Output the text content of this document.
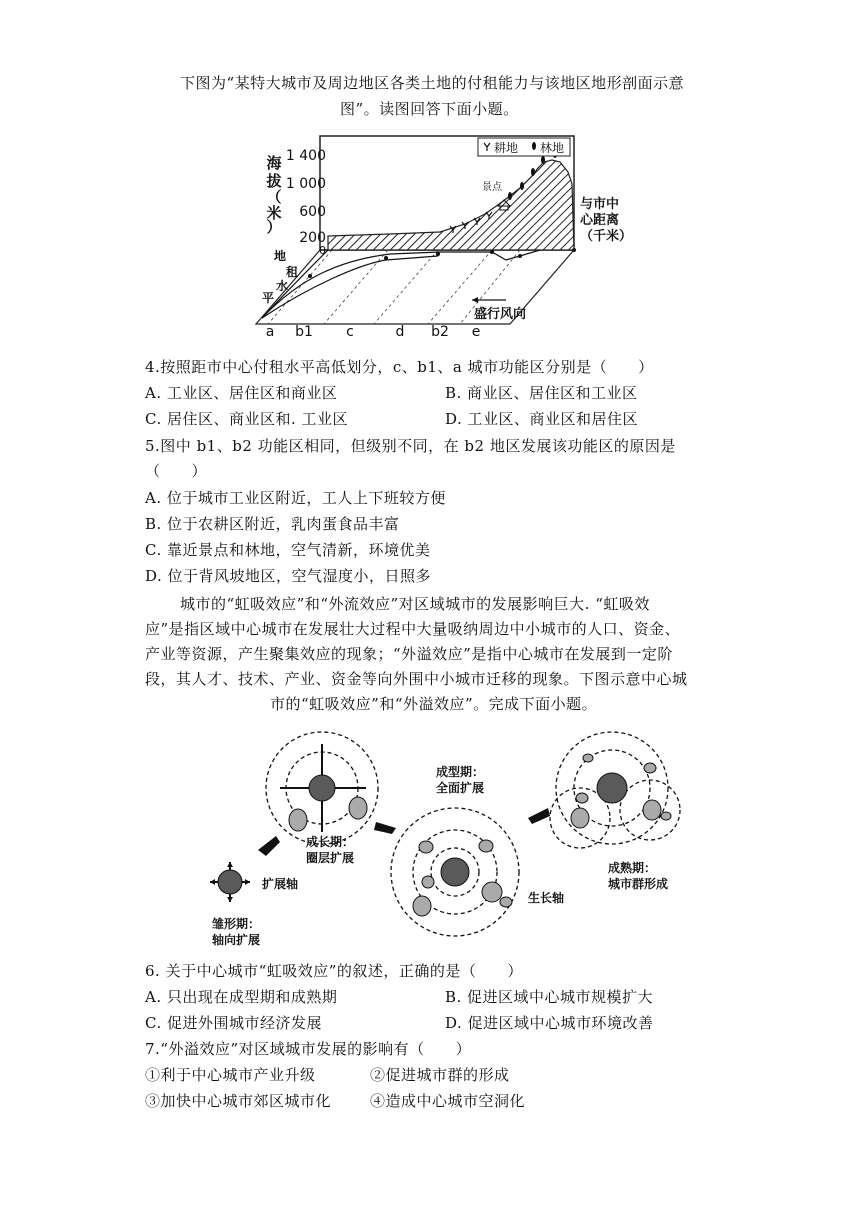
下图为“某特大城市及周边地区各类土地的付租能力与该地区地形剖面示意
图”。读图回答下面小题。
景点
耕地 林地
1 400
1 000
600
200
0
海
拔
（
米
）
与市中
心距离
（千米）
地
租
水
平
盛行风向
a b1 c	d b2 e
4.按照距市中心付租水平高低划分，c、b1、a 城市功能区分别是（　　）
A. 工业区、居住区和商业区	B. 商业区、居住区和工业区
C. 居住区、商业区和. 工业区	D. 工业区、商业区和居住区
5.图中 b1、b2 功能区相同，但级别不同，在 b2 地区发展该功能区的原因是
（　　）
A. 位于城市工业区附近，工人上下班较方便
B. 位于农耕区附近，乳肉蛋食品丰富
C. 靠近景点和林地，空气清新，环境优美
D. 位于背风坡地区，空气湿度小，日照多
城市的“虹吸效应”和“外流效应”对区域城市的发展影响巨大. “虹吸效
应”是指区域中心城市在发展壮大过程中大量吸纳周边中小城市的人口、资金、
产业等资源，产生聚集效应的现象；“外溢效应”是指中心城市在发展到一定阶
段，其人才、技术、产业、资金等向外围中小城市迁移的现象。下图示意中心城
市的“虹吸效应”和“外溢效应”。完成下面小题。
扩展轴
雏形期：
轴向扩展
成长期：
圈层扩展
成型期：
全面扩展
生长轴
成熟期：
城市群形成
6. 关于中心城市“虹吸效应”的叙述，正确的是（　　）
A. 只出现在成型期和成熟期	B. 促进区域中心城市规模扩大
C. 促进外围城市经济发展	D. 促进区域中心城市环境改善
7.“外溢效应”对区域城市发展的影响有（　　）
①利于中心城市产业升级	②促进城市群的形成
③加快中心城市郊区城市化	④造成中心城市空洞化
